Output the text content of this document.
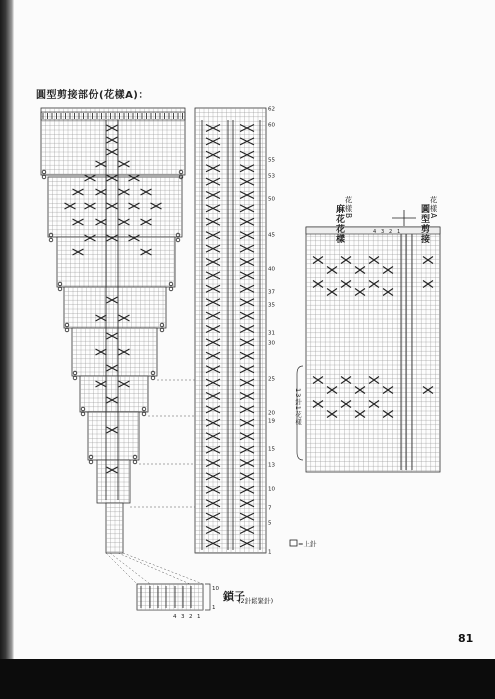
圓型剪接部份(花樣A)：
62
60
55
53
50
45
40
37
35
31
30
25
20
19
15
13
10
7
5
1
10
1
鎖子
(2針鬆緊針)
4 3 2 1
=上針
4 3 2 1
花樣B
麻花花樣	花樣A
圓型剪接
13針1花樣
81
